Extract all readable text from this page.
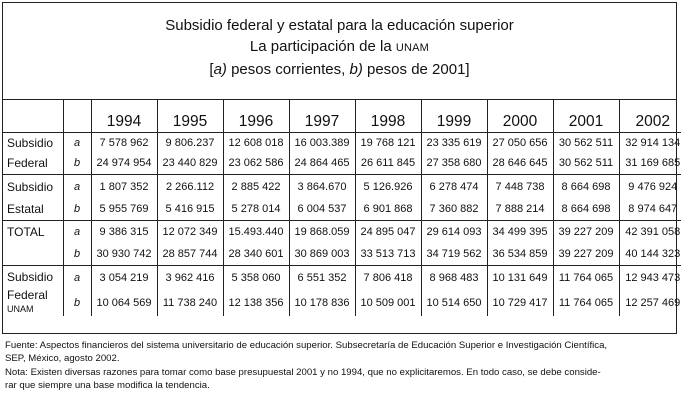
Subsidio federal y estatal para la educación superior
La participación de la UNAM
[a) pesos corrientes, b) pesos de 2001]
		1994	1995	1996	1997	1998	1999	2000	2001	2002
Subsidio	a	7 578 962	9 806.237	12 608 018	16 003.389	19 768 121	23 335 619	27 050 656	30 562 511	32 914 134
Federal	b	24 974 954	23 440 829	23 062 586	24 864 465	26 611 845	27 358 680	28 646 645	30 562 511	31 169 685
Subsidio	a	1 807 352	2 266.112	2 885 422	3 864.670	5 126.926	6 278 474	7 448 738	8 664 698	9 476 924
Estatal	b	5 955 769	5 416 915	5 278 014	6 004 537	6 901 868	7 360 882	7 888 214	8 664 698	8 974 647
TOTAL	a	9 386 315	12 072 349	15.493.440	19 868.059	24 895 047	29 614 093	34 499 395	39 227 209	42 391 058
	b	30 930 742	28 857 744	28 340 601	30 869 003	33 513 713	34 719 562	36 534 859	39 227 209	40 144 323
Subsidio	a	3 054 219	3 962 416	5 358 060	6 551 352	7 806 418	8 968 483	10 131 649	11 764 065	12 943 473
Federal
UNAM	b	10 064 569	11 738 240	12 138 356	10 178 836	10 509 001	10 514 650	10 729 417	11 764 065	12 257 469
Fuente: Aspectos financieros del sistema universitario de educación superior. Subsecretaría de Educación Superior e Investigación Científica,
SEP, México, agosto 2002.
Nota: Existen diversas razones para tomar como base presupuestal 2001 y no 1994, que no explicitaremos. En todo caso, se debe conside-
rar que siempre una base modifica la tendencia.
